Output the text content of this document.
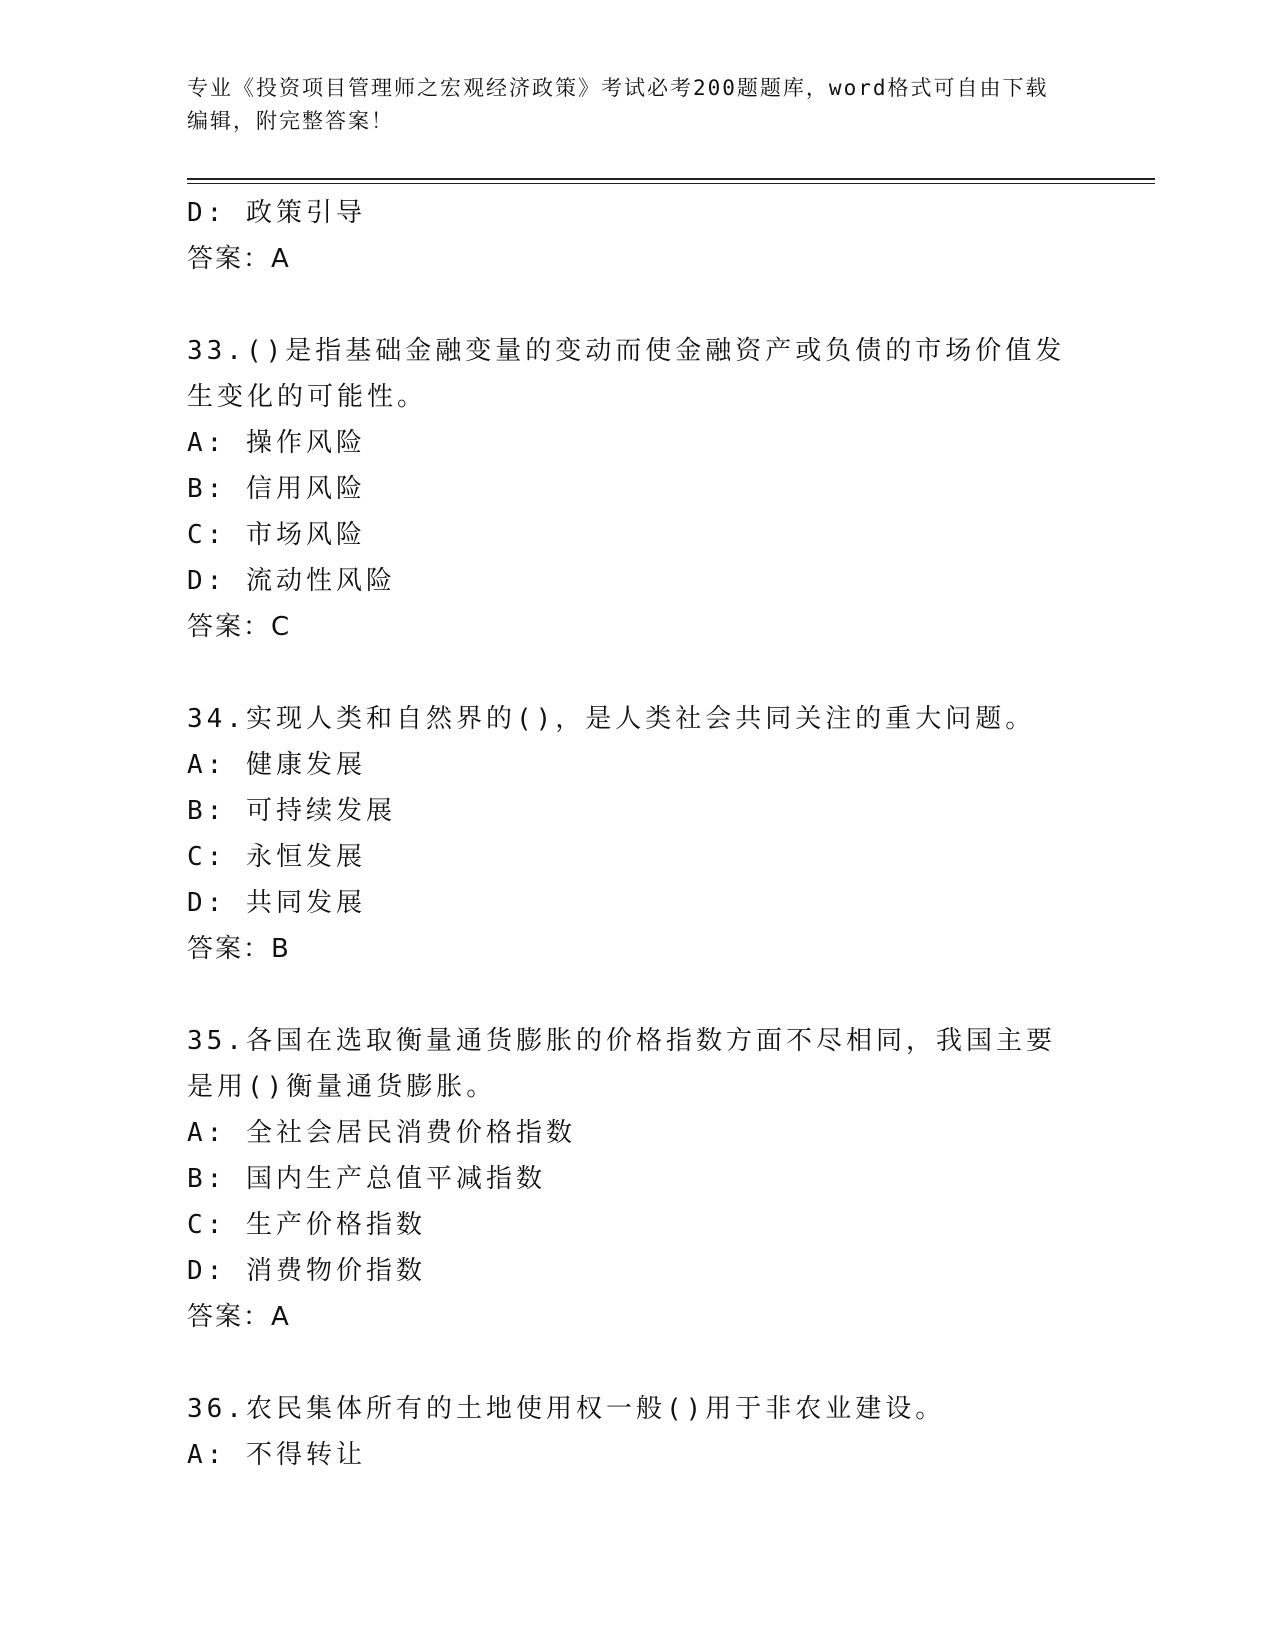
专业《投资项目管理师之宏观经济政策》考试必考200题题库，word格式可自由下载编辑，附完整答案！
D: 政策引导
答案：A
33.()是指基础金融变量的变动而使金融资产或负债的市场价值发生变化的可能性。
A: 操作风险
B: 信用风险
C: 市场风险
D: 流动性风险
答案：C
34.实现人类和自然界的()，是人类社会共同关注的重大问题。
A: 健康发展
B: 可持续发展
C: 永恒发展
D: 共同发展
答案：B
35.各国在选取衡量通货膨胀的价格指数方面不尽相同，我国主要是用()衡量通货膨胀。
A: 全社会居民消费价格指数
B: 国内生产总值平减指数
C: 生产价格指数
D: 消费物价指数
答案：A
36.农民集体所有的土地使用权一般()用于非农业建设。
A: 不得转让
